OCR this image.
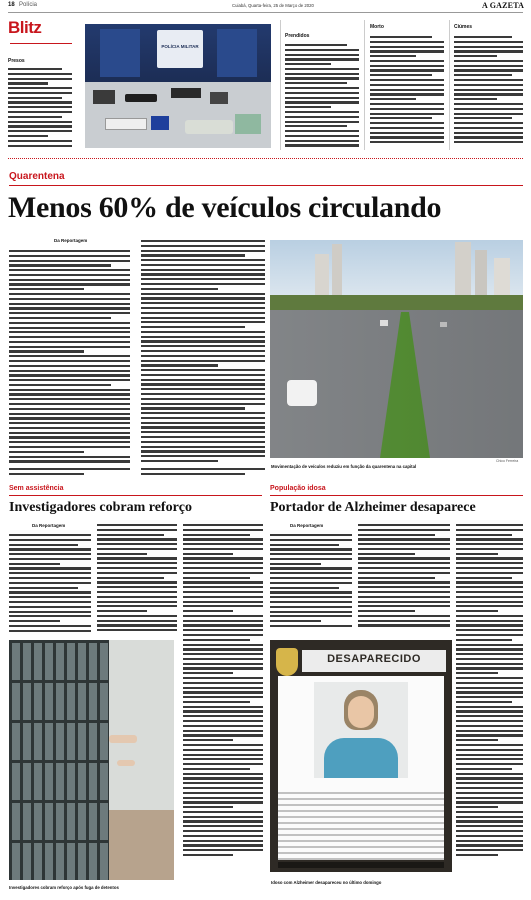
18 Polícia	Cuiabá, Quarta-feira, 25 de Março de 2020	A GAZETA
Blitz
Presos
POLÍCIA MILITAR
Prendidos
Morto	Ciúmes
Quarentena
Menos 60% de veículos circulando
Da Reportagem
Chico Ferreira
Movimentação de veículos reduziu em função da quarentena na capital
Sem assistência
Investigadores cobram reforço
Da Reportagem
Investigadores cobram reforço após fuga de detentos
População idosa
Portador de Alzheimer desaparece
Da Reportagem
DESAPARECIDO
Idoso com Alzheimer desapareceu no último domingo
